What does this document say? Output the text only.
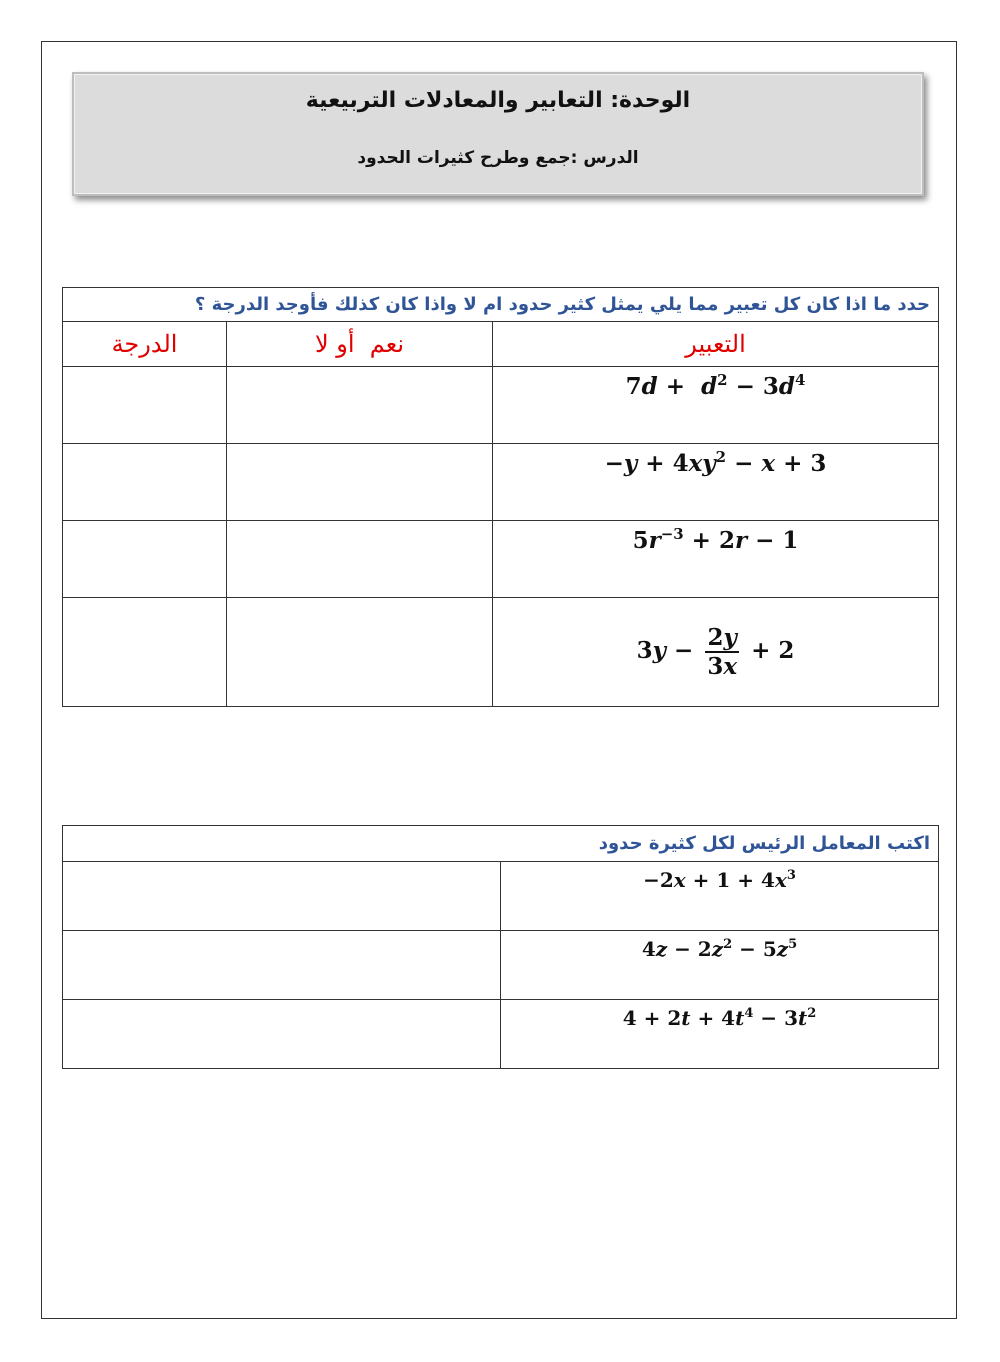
الوحدة: التعابير والمعادلات التربيعية
الدرس :جمع وطرح كثيرات الحدود
حدد ما اذا كان كل تعبير مما يلي يمثل كثير حدود ام لا واذا كان كذلك فأوجد الدرجة ؟		
الدرجة	نعم  أو لا	التعبير
		$7d + d^2 - 3d^4$
		$-y + 4xy^2 - x + 3$
		$5r^{-3} + 2r - 1$
		$3y - \frac{2y}{3x} + 2$
اكتب المعامل الرئيس لكل كثيرة حدود	
	$-2x + 1 + 4x^3$
	$4z - 2z^2 - 5z^5$
	$4 + 2t + 4t^4 - 3t^2$
